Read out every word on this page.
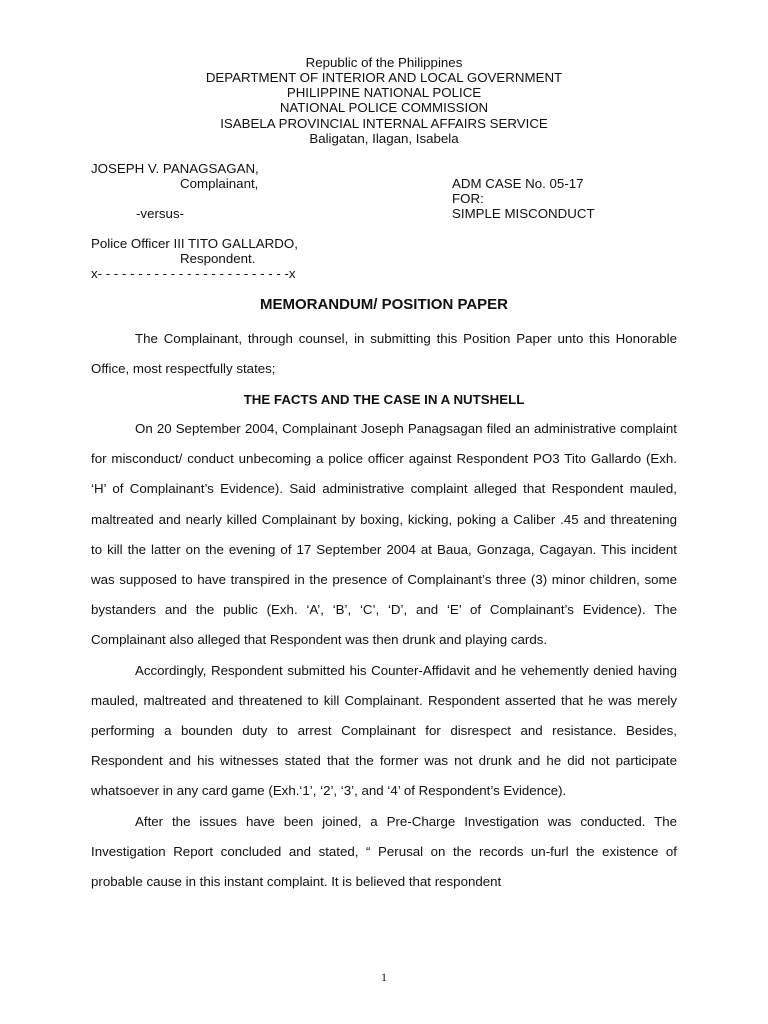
Republic of the Philippines
DEPARTMENT OF INTERIOR AND LOCAL GOVERNMENT
PHILIPPINE NATIONAL POLICE
NATIONAL POLICE COMMISSION
ISABELA PROVINCIAL INTERNAL AFFAIRS SERVICE
Baligatan, Ilagan, Isabela
JOSEPH V. PANAGSAGAN,
Complainant,
-versus-
Police Officer III TITO GALLARDO,
Respondent.
x- - - - - - - - - - - - - - - - - - - - - - - -x
ADM CASE No. 05-17
FOR:
SIMPLE MISCONDUCT
MEMORANDUM/ POSITION PAPER

The Complainant, through counsel, in submitting this Position Paper unto this Honorable Office, most respectfully states;

THE FACTS AND THE CASE IN A NUTSHELL

On 20 September 2004, Complainant Joseph Panagsagan filed an administrative complaint for misconduct/ conduct unbecoming a police officer against Respondent PO3 Tito Gallardo (Exh. ‘H’ of Complainant’s Evidence). Said administrative complaint alleged that Respondent mauled, maltreated and nearly killed Complainant by boxing, kicking, poking a Caliber .45 and threatening to kill the latter on the evening of 17 September 2004 at Baua, Gonzaga, Cagayan. This incident was supposed to have transpired in the presence of Complainant’s three (3) minor children, some bystanders and the public (Exh. ‘A’, ‘B’, ‘C’, ‘D’, and ‘E’ of Complainant’s Evidence). The Complainant also alleged that Respondent was then drunk and playing cards.

Accordingly, Respondent submitted his Counter-Affidavit and he vehemently denied having mauled, maltreated and threatened to kill Complainant. Respondent asserted that he was merely performing a bounden duty to arrest Complainant for disrespect and resistance. Besides, Respondent and his witnesses stated that the former was not drunk and he did not participate whatsoever in any card game (Exh.‘1’, ‘2’, ‘3’, and ‘4’ of Respondent’s Evidence).

After the issues have been joined, a Pre-Charge Investigation was conducted. The Investigation Report concluded and stated, “ Perusal on the records un-furl the existence of probable cause in this instant complaint. It is believed that respondent

1
